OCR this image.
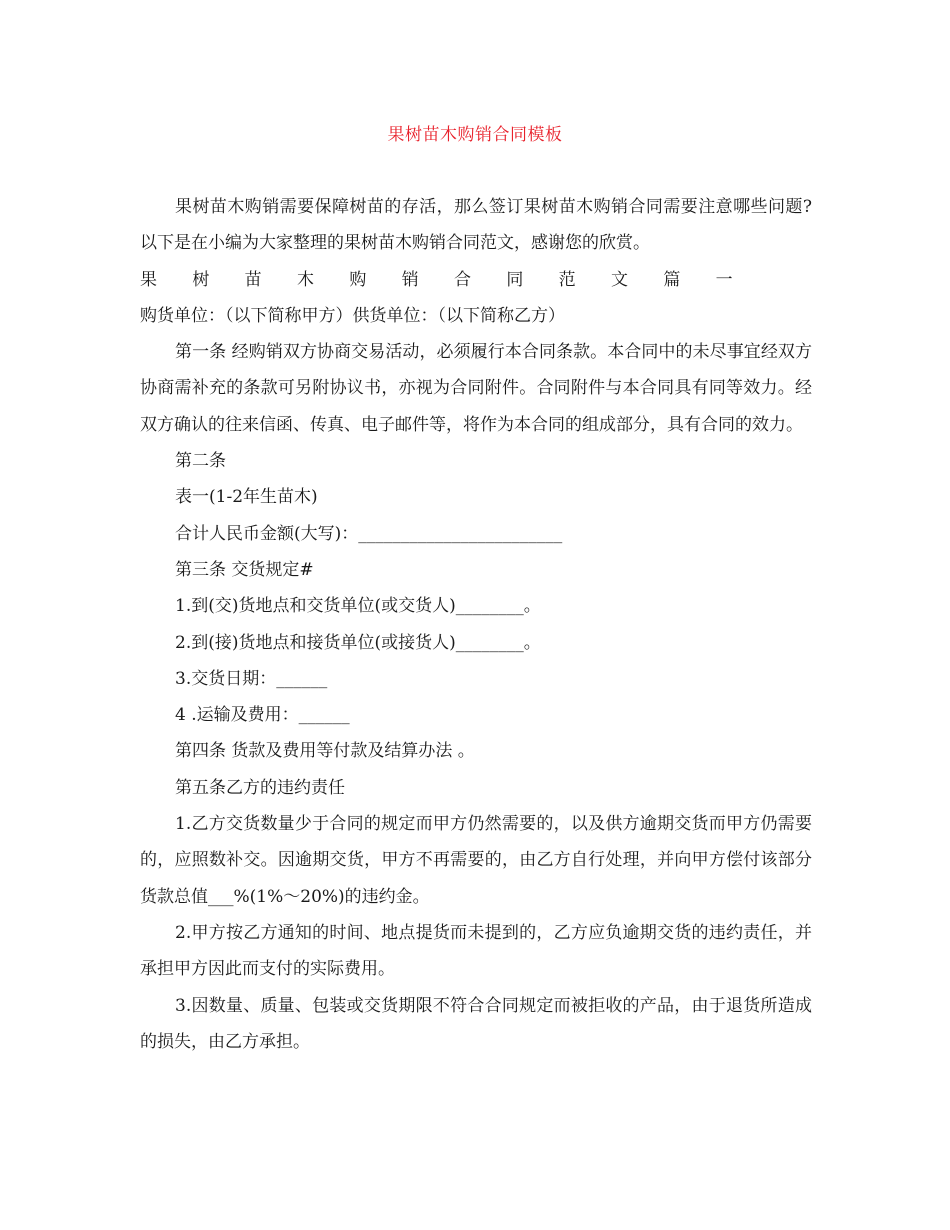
果树苗木购销合同模板

果树苗木购销需要保障树苗的存活，那么签订果树苗木购销合同需要注意哪些问题?以下是在小编为大家整理的果树苗木购销合同范文，感谢您的欣赏。

果树苗木购销合同范文篇一购货单位：（以下简称甲方）供货单位：（以下简称乙方）

第一条 经购销双方协商交易活动，必须履行本合同条款。本合同中的未尽事宜经双方协商需补充的条款可另附协议书，亦视为合同附件。合同附件与本合同具有同等效力。经双方确认的往来信函、传真、电子邮件等，将作为本合同的组成部分，具有合同的效力。

第二条

表一(1-2年生苗木)

合计人民币金额(大写)：________________________

第三条 交货规定#

1.到(交)货地点和交货单位(或交货人)________。

2.到(接)货地点和接货单位(或接货人)________。

3.交货日期：______

4 .运输及费用：______

第四条 货款及费用等付款及结算办法 。

第五条乙方的违约责任

1.乙方交货数量少于合同的规定而甲方仍然需要的，以及供方逾期交货而甲方仍需要的，应照数补交。因逾期交货，甲方不再需要的，由乙方自行处理，并向甲方偿付该部分货款总值___%(1%～20%)的违约金。

2.甲方按乙方通知的时间、地点提货而未提到的，乙方应负逾期交货的违约责任，并承担甲方因此而支付的实际费用。

3.因数量、质量、包装或交货期限不符合合同规定而被拒收的产品，由于退货所造成的损失，由乙方承担。
